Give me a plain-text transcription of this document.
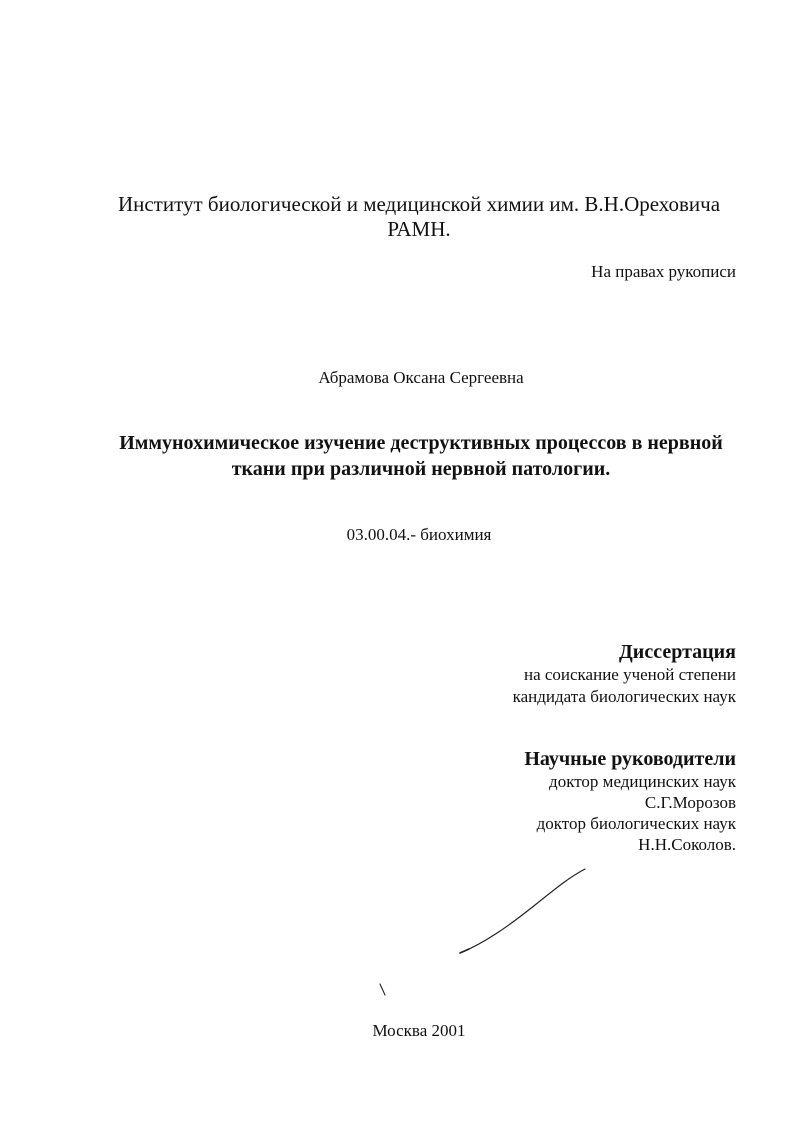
Институт биологической и медицинской химии им. В.Н.Ореховича
РАМН.
На правах рукописи
Абрамова Оксана Сергеевна
Иммунохимическое изучение деструктивных процессов в нервной
ткани при различной нервной патологии.
03.00.04.- биохимия
Диссертация
на соискание ученой степени
кандидата биологических наук
Научные руководители
доктор медицинских наук
С.Г.Морозов
доктор биологических наук
Н.Н.Соколов.
Москва 2001
